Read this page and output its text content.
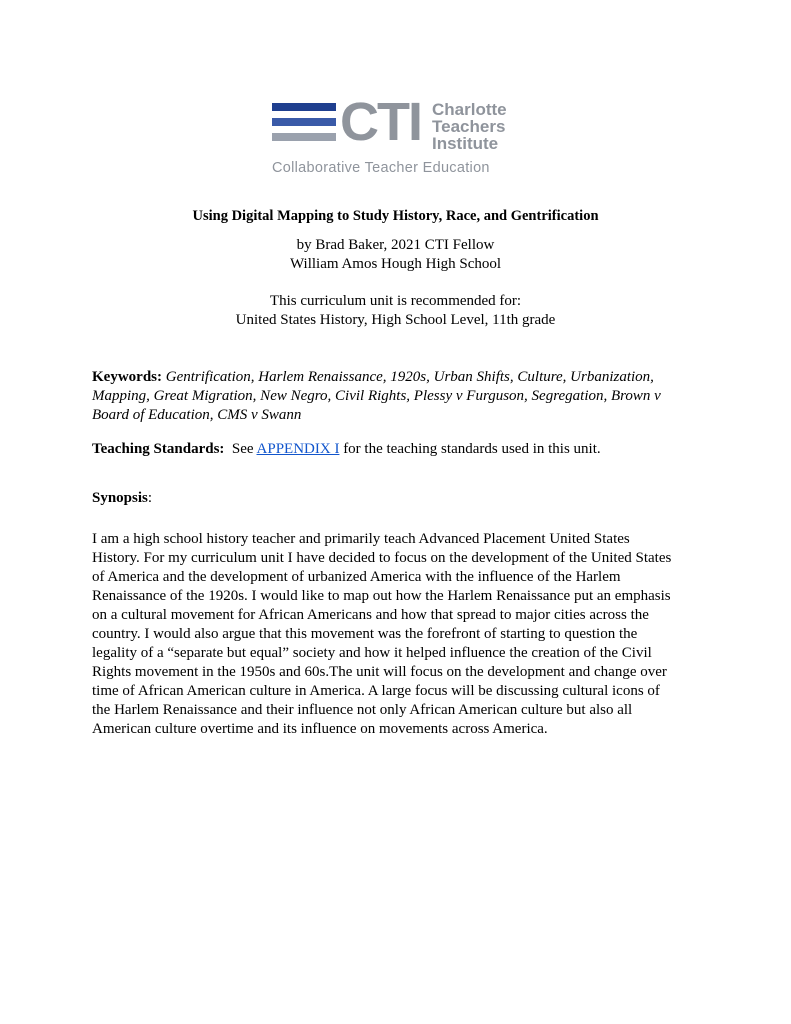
CTI Charlotte
Teachers
Institute
Collaborative Teacher Education
Using Digital Mapping to Study History, Race, and Gentrification
by Brad Baker, 2021 CTI Fellow
William Amos Hough High School
This curriculum unit is recommended for:
United States History, High School Level, 11th grade
Keywords: Gentrification, Harlem Renaissance, 1920s, Urban Shifts, Culture, Urbanization,
Mapping, Great Migration, New Negro, Civil Rights, Plessy v Furguson, Segregation, Brown v
Board of Education, CMS v Swann
Teaching Standards: See APPENDIX I for the teaching standards used in this unit.
Synopsis:
I am a high school history teacher and primarily teach Advanced Placement United States
History. For my curriculum unit I have decided to focus on the development of the United States
of America and the development of urbanized America with the influence of the Harlem
Renaissance of the 1920s. I would like to map out how the Harlem Renaissance put an emphasis
on a cultural movement for African Americans and how that spread to major cities across the
country. I would also argue that this movement was the forefront of starting to question the
legality of a “separate but equal” society and how it helped influence the creation of the Civil
Rights movement in the 1950s and 60s.The unit will focus on the development and change over
time of African American culture in America. A large focus will be discussing cultural icons of
the Harlem Renaissance and their influence not only African American culture but also all
American culture overtime and its influence on movements across America.
